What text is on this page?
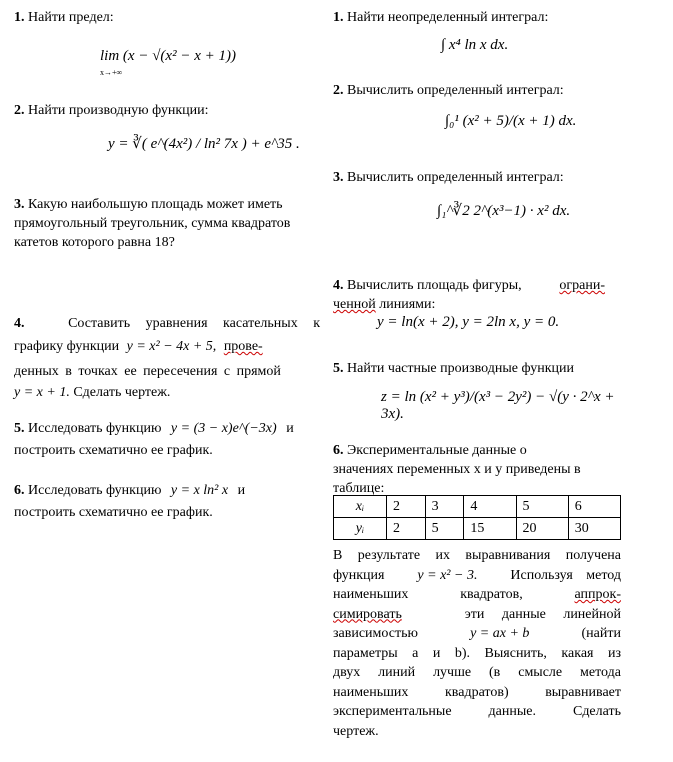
1. Найти предел:
lim (x − √(x² − x + 1))
x→+∞
2. Найти производную функции:
y = ∛( e^(4x²) / ln² 7x ) + e^35 .
3. Какую наибольшую площадь может иметь прямоугольный треугольник, сумма квадратов катетов которого равна 18?
4.	Составить уравнения касательных к
графику функции y = x² − 4x + 5, прове-
денных в точках ее пересечения с прямой
y = x + 1. Сделать чертеж.
5. Исследовать функцию y = (3 − x)e^(−3x) и
построить схематично ее график.
6. Исследовать функцию y = x ln² x и
построить схематично ее график.
1. Найти неопределенный интеграл:
∫ x⁴ ln x dx.
2. Вычислить определенный интеграл:
∫₀¹ (x² + 5)/(x + 1) dx.
3. Вычислить определенный интеграл:
∫₁^∛2 2^(x³−1) · x² dx.
4. Вычислить площадь фигуры,	ограни-
ченной линиями:
y = ln(x + 2), y = 2ln x, y = 0.
5. Найти частные производные функции
z = ln (x² + y³)/(x³ − 2y²) − √(y · 2^x + 3x).
6. Экспериментальные данные о
значениях переменных x и y приведены в
таблице:
xᵢ	2	3	4	5	6
yᵢ	2	5	15	20	30
В результате их выравнивания получена
функция y = x² − 3. Используя метод
наименьших	квадратов,	аппрок-
симировать	эти данные линейной
зависимостью	y = ax + b	(найти
параметры a и b). Выяснить, какая из
двух линий лучше (в смысле метода
наименьших квадратов) выравнивает
экспериментальные данные. Сделать
чертеж.
